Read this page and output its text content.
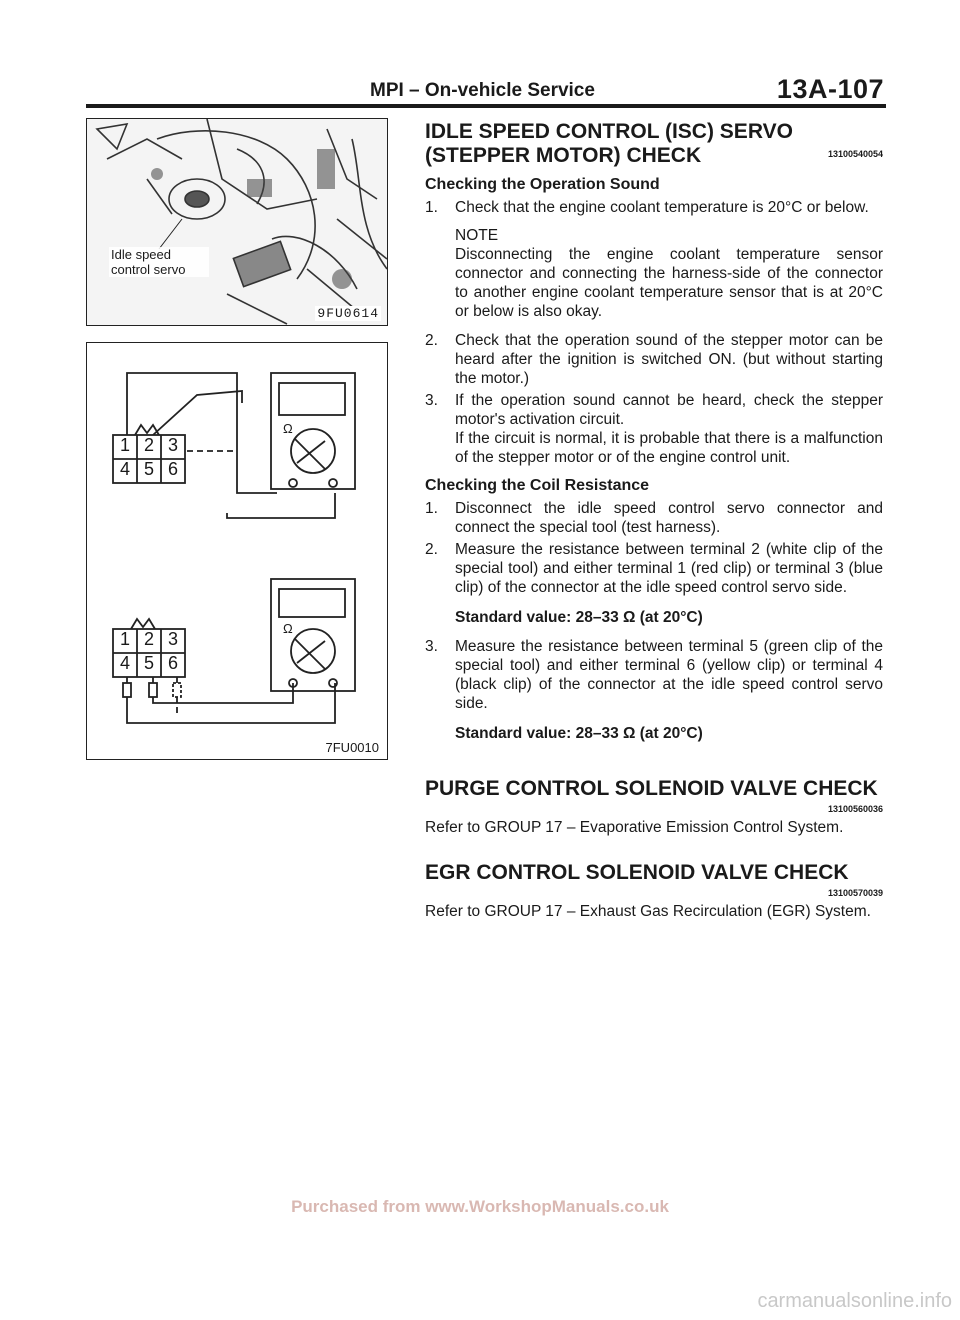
MPI – On-vehicle Service	13A-107
Idle speed control servo
9FU0614
1 2 3
4 5 6
1 2 3
4 5 6
Ω
Ω
7FU0010
IDLE SPEED CONTROL (ISC) SERVO
(STEPPER MOTOR) CHECK	13100540054
Checking the Operation Sound
1.	Check that the engine coolant temperature is 20°C or below.

NOTE

Disconnecting the engine coolant temperature sensor connector and connecting the harness-side of the connector to another engine coolant temperature sensor that is at 20°C or below is also okay.

2.	Check that the operation sound of the stepper motor can be heard after the ignition is switched ON. (but without starting the motor.)

3.	If the operation sound cannot be heard, check the stepper motor's activation circuit.

If the circuit is normal, it is probable that there is a malfunction of the stepper motor or of the engine control unit.

Checking the Coil Resistance
1.	Disconnect the idle speed control servo connector and connect the special tool (test harness).

2.	Measure the resistance between terminal 2 (white clip of the special tool) and either terminal 1 (red clip) or terminal 3 (blue clip) of the connector at the idle speed control servo side.

Standard value: 28–33 Ω (at 20°C)
3.	Measure the resistance between terminal 5 (green clip of the special tool) and either terminal 6 (yellow clip) or terminal 4 (black clip) of the connector at the idle speed control servo side.

Standard value: 28–33 Ω (at 20°C)
PURGE CONTROL SOLENOID VALVE CHECK
13100560036

Refer to GROUP 17 – Evaporative Emission Control System.

EGR CONTROL SOLENOID VALVE CHECK
13100570039

Refer to GROUP 17 – Exhaust Gas Recirculation (EGR) System.

Purchased from www.WorkshopManuals.co.uk
carmanualsonline.info
